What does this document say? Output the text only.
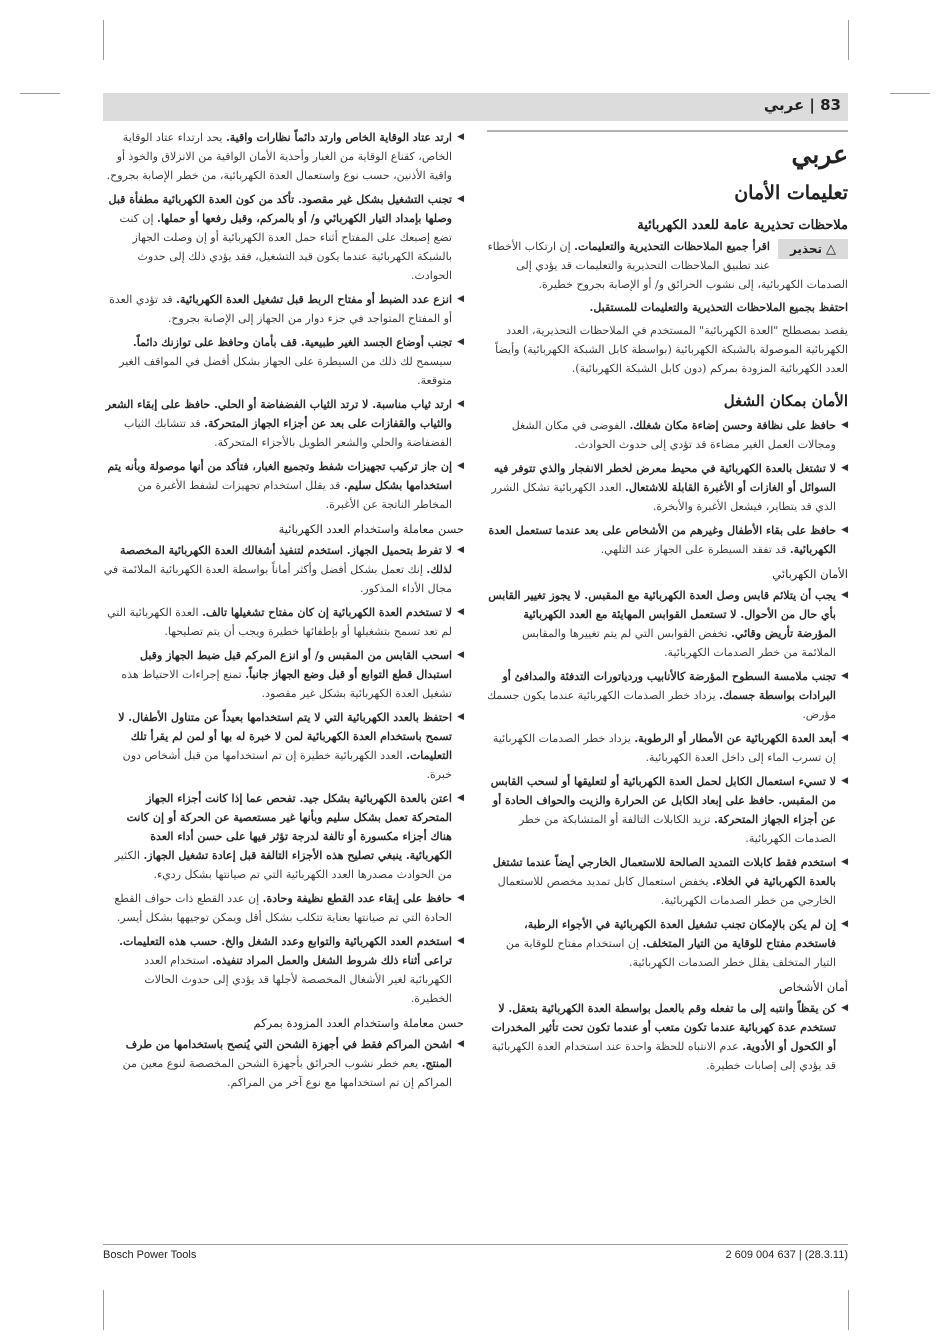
83 | عربي
عربي
تعليمات الأمان
ملاحظات تحذيرية عامة للعدد الكهربائية

△
تحذير
اقرأ جميع الملاحظات التحذيرية والتعليمات. إن ارتكاب الأخطاء عند تطبيق الملاحظات التحذيرية والتعليمات قد يؤدي إلى الصدمات الكهربائية، إلى نشوب الحرائق و/ أو الإصابة بجروح خطيرة.

احتفظ بجميع الملاحظات التحذيرية والتعليمات للمستقبل.

يقصد بمصطلح "العدة الكهربائية" المستخدم في الملاحظات التحذيرية، العدد الكهربائية الموصولة بالشبكة الكهربائية (بواسطة كابل الشبكة الكهربائية) وأيضاً العدد الكهربائية المزودة بمركم (دون كابل الشبكة الكهربائية).

الأمان بمكان الشغل
◀
حافظ على نظافة وحسن إضاءة مكان شغلك. الفوضى في مكان الشغل ومجالات العمل الغير مضاءة قد تؤدي إلى حدوث الحوادث.
◀
لا تشتغل بالعدة الكهربائية في محيط معرض لخطر الانفجار والذي تتوفر فيه السوائل أو الغازات أو الأغبرة القابلة للاشتعال. العدد الكهربائية تشكل الشرر الذي قد يتطاير، فيشعل الأغبرة والأبخرة.
◀
حافظ على بقاء الأطفال وغيرهم من الأشخاص على بعد عندما تستعمل العدة الكهربائية. قد تفقد السيطرة على الجهاز عند التلهي.
الأمان الكهربائي
◀
يجب أن يتلائم قابس وصل العدة الكهربائية مع المقبس. لا يجوز تغيير القابس بأي حال من الأحوال. لا تستعمل القوابس المهايئة مع العدد الكهربائية المؤرضة تأريض وقائي. تخفض القوابس التي لم يتم تغييرها والمقابس الملائمة من خطر الصدمات الكهربائية.
◀
تجنب ملامسة السطوح المؤرضة كالأنابيب وردياتورات التدفئة والمدافئ أو البرادات بواسطة جسمك. يزداد خطر الصدمات الكهربائية عندما يكون جسمك مؤرض.
◀
أبعد العدة الكهربائية عن الأمطار أو الرطوبة. يزداد خطر الصدمات الكهربائية إن تسرب الماء إلى داخل العدة الكهربائية.
◀
لا تسيء استعمال الكابل لحمل العدة الكهربائية أو لتعليقها أو لسحب القابس من المقبس. حافظ على إبعاد الكابل عن الحرارة والزيت والحواف الحادة أو عن أجزاء الجهاز المتحركة. تزيد الكابلات التالفة أو المتشابكة من خطر الصدمات الكهربائية.
◀
استخدم فقط كابلات التمديد الصالحة للاستعمال الخارجي أيضاً عندما تشتغل بالعدة الكهربائية في الخلاء. يخفض استعمال كابل تمديد مخصص للاستعمال الخارجي من خطر الصدمات الكهربائية.
◀
إن لم يكن بالإمكان تجنب تشغيل العدة الكهربائية في الأجواء الرطبة، فاستخدم مفتاح للوقاية من التيار المتخلف. إن استخدام مفتاح للوقاية من التيار المتخلف يقلل خطر الصدمات الكهربائية.
أمان الأشخاص
◀
كن يقظاً وانتبه إلى ما تفعله وقم بالعمل بواسطة العدة الكهربائية بتعقل. لا تستخدم عدة كهربائية عندما تكون متعب أو عندما تكون تحت تأثير المخدرات أو الكحول أو الأدوية. عدم الانتباه للحظة واحدة عند استخدام العدة الكهربائية قد يؤدي إلى إصابات خطيرة.
◀
ارتد عتاد الوقاية الخاص وارتد دائماً نظارات واقية. يحد ارتداء عتاد الوقاية الخاص، كقناع الوقاية من الغبار وأحذية الأمان الواقية من الانزلاق والخوذ أو واقية الأذنين، حسب نوع واستعمال العدة الكهربائية، من خطر الإصابة بجروح.
◀
تجنب التشغيل بشكل غير مقصود. تأكد من كون العدة الكهربائية مطفأة قبل وصلها بإمداد التيار الكهربائي و/ أو بالمركم، وقبل رفعها أو حملها. إن كنت تضع إصبعك على المفتاح أثناء حمل العدة الكهربائية أو إن وصلت الجهاز بالشبكة الكهربائية عندما يكون قيد التشغيل، فقد يؤدي ذلك إلى حدوث الحوادث.
◀
انزع عدد الضبط أو مفتاح الربط قبل تشغيل العدة الكهربائية. قد تؤدي العدة أو المفتاح المتواجد في جزء دوار من الجهاز إلى الإصابة بجروح.
◀
تجنب أوضاع الجسد الغير طبيعية. قف بأمان وحافظ على توازنك دائماً. سيسمح لك ذلك من السيطرة على الجهاز بشكل أفضل في المواقف الغير متوقعة.
◀
ارتد ثياب مناسبة. لا ترتد الثياب الفضفاضة أو الحلي. حافظ على إبقاء الشعر والثياب والقفازات على بعد عن أجزاء الجهاز المتحركة. قد تتشابك الثياب الفضفاضة والحلي والشعر الطويل بالأجزاء المتحركة.
◀
إن جاز تركيب تجهيزات شفط وتجميع الغبار، فتأكد من أنها موصولة وبأنه يتم استخدامها بشكل سليم. قد يقلل استخدام تجهيزات لشفط الأغبرة من المخاطر الناتجة عن الأغبرة.
حسن معاملة واستخدام العدد الكهربائية
◀
لا تفرط بتحميل الجهاز. استخدم لتنفيذ أشغالك العدة الكهربائية المخصصة لذلك. إنك تعمل بشكل أفضل وأكثر أماناً بواسطة العدة الكهربائية الملائمة في مجال الأداء المذكور.
◀
لا تستخدم العدة الكهربائية إن كان مفتاح تشغيلها تالف. العدة الكهربائية التي لم تعد تسمح بتشغيلها أو بإطفائها خطيرة ويجب أن يتم تصليحها.
◀
اسحب القابس من المقبس و/ أو انزع المركم قبل ضبط الجهاز وقبل استبدال قطع التوابع أو قبل وضع الجهاز جانباً. تمنع إجراءات الاحتياط هذه تشغيل العدة الكهربائية بشكل غير مقصود.
◀
احتفظ بالعدد الكهربائية التي لا يتم استخدامها بعيداً عن متناول الأطفال. لا تسمح باستخدام العدة الكهربائية لمن لا خبرة له بها أو لمن لم يقرأ تلك التعليمات. العدد الكهربائية خطيرة إن تم استخدامها من قبل أشخاص دون خبرة.
◀
اعتن بالعدة الكهربائية بشكل جيد. تفحص عما إذا كانت أجزاء الجهاز المتحركة تعمل بشكل سليم وبأنها غير مستعصية عن الحركة أو إن كانت هناك أجزاء مكسورة أو تالفة لدرجة تؤثر فيها على حسن أداء العدة الكهربائية. ينبغي تصليح هذه الأجزاء التالفة قبل إعادة تشغيل الجهاز. الكثير من الحوادث مصدرها العدد الكهربائية التي تم صيانتها بشكل رديء.
◀
حافظ على إبقاء عدد القطع نظيفة وحادة. إن عدد القطع ذات حواف القطع الحادة التي تم صيانتها بعناية تتكلب بشكل أقل ويمكن توجيهها بشكل أيسر.
◀
استخدم العدد الكهربائية والتوابع وعدد الشغل والخ. حسب هذه التعليمات. تراعى أثناء ذلك شروط الشغل والعمل المراد تنفيذه. استخدام العدد الكهربائية لغير الأشغال المخصصة لأجلها قد يؤدي إلى حدوث الحالات الخطيرة.
حسن معاملة واستخدام العدد المزودة بمركم
◀
اشحن المراكم فقط في أجهزة الشحن التي يُنصح باستخدامها من طرف المنتج. يعم خطر نشوب الحرائق بأجهزة الشحن المخصصة لنوع معين من المراكم إن تم استخدامها مع نوع آخر من المراكم.
Bosch Power Tools	2 609 004 637 | (28.3.11)
